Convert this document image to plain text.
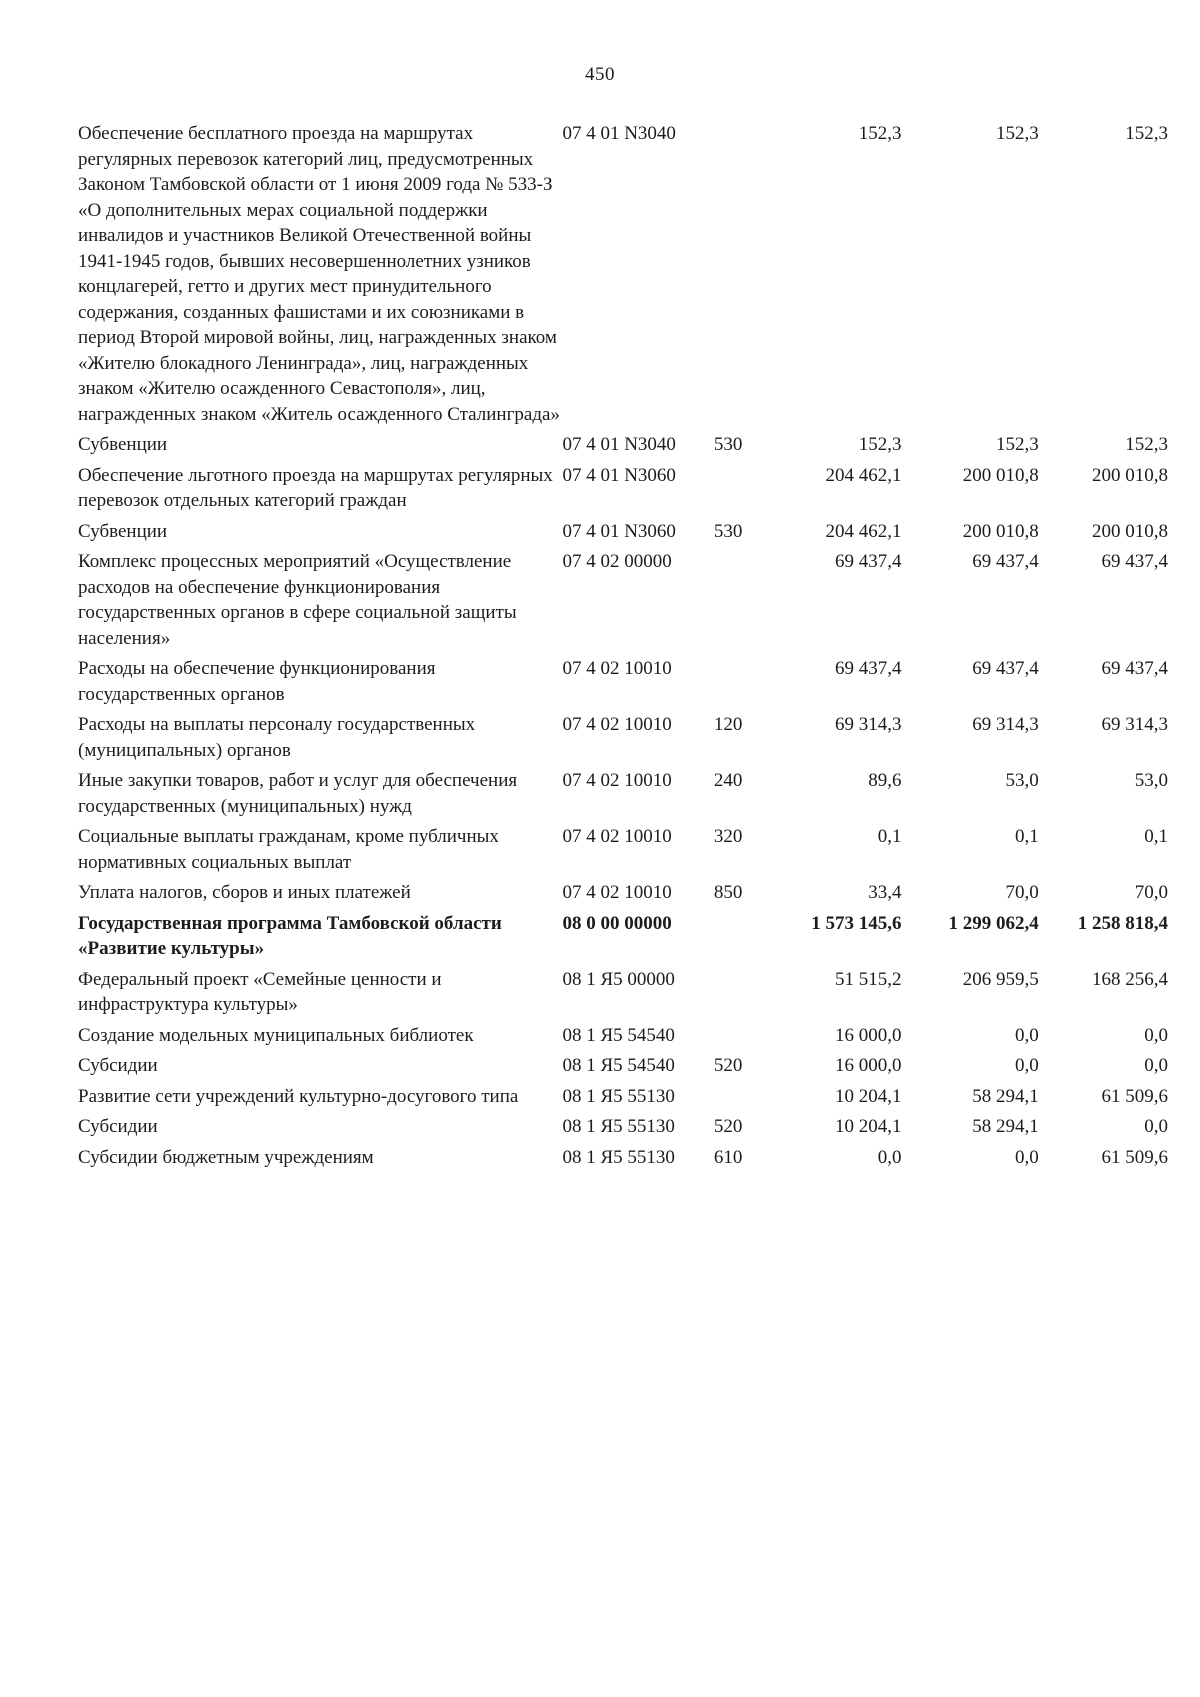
450
Обеспечение бесплатного проезда на маршрутах регулярных перевозок категорий лиц, предусмотренных Законом Тамбовской области от 1 июня 2009 года № 533-З «О дополнительных мерах социальной поддержки инвалидов и участников Великой Отечественной войны 1941-1945 годов, бывших несовершеннолетних узников концлагерей, гетто и других мест принудительного содержания, созданных фашистами и их союзниками в период Второй мировой войны, лиц, награжденных знаком «Жителю блокадного Ленинграда», лиц, награжденных знаком «Жителю осажденного Севастополя», лиц, награжденных знаком «Житель осажденного Сталинграда»	07 4 01 N3040		152,3	152,3	152,3
Субвенции	07 4 01 N3040	530	152,3	152,3	152,3
Обеспечение льготного проезда на маршрутах регулярных перевозок отдельных категорий граждан	07 4 01 N3060		204 462,1	200 010,8	200 010,8
Субвенции	07 4 01 N3060	530	204 462,1	200 010,8	200 010,8
Комплекс процессных мероприятий «Осуществление расходов на обеспечение функционирования государственных органов в сфере социальной защиты населения»	07 4 02 00000		69 437,4	69 437,4	69 437,4
Расходы на обеспечение функционирования государственных органов	07 4 02 10010		69 437,4	69 437,4	69 437,4
Расходы на выплаты персоналу государственных (муниципальных) органов	07 4 02 10010	120	69 314,3	69 314,3	69 314,3
Иные закупки товаров, работ и услуг для обеспечения государственных (муниципальных) нужд	07 4 02 10010	240	89,6	53,0	53,0
Социальные выплаты гражданам, кроме публичных нормативных социальных выплат	07 4 02 10010	320	0,1	0,1	0,1
Уплата налогов, сборов и иных платежей	07 4 02 10010	850	33,4	70,0	70,0
Государственная программа Тамбовской области «Развитие культуры»	08 0 00 00000		1 573 145,6	1 299 062,4	1 258 818,4
Федеральный проект «Семейные ценности и инфраструктура культуры»	08 1 Я5 00000		51 515,2	206 959,5	168 256,4
Создание модельных муниципальных библиотек	08 1 Я5 54540		16 000,0	0,0	0,0
Субсидии	08 1 Я5 54540	520	16 000,0	0,0	0,0
Развитие сети учреждений культурно-досугового типа	08 1 Я5 55130		10 204,1	58 294,1	61 509,6
Субсидии	08 1 Я5 55130	520	10 204,1	58 294,1	0,0
Субсидии бюджетным учреждениям	08 1 Я5 55130	610	0,0	0,0	61 509,6
